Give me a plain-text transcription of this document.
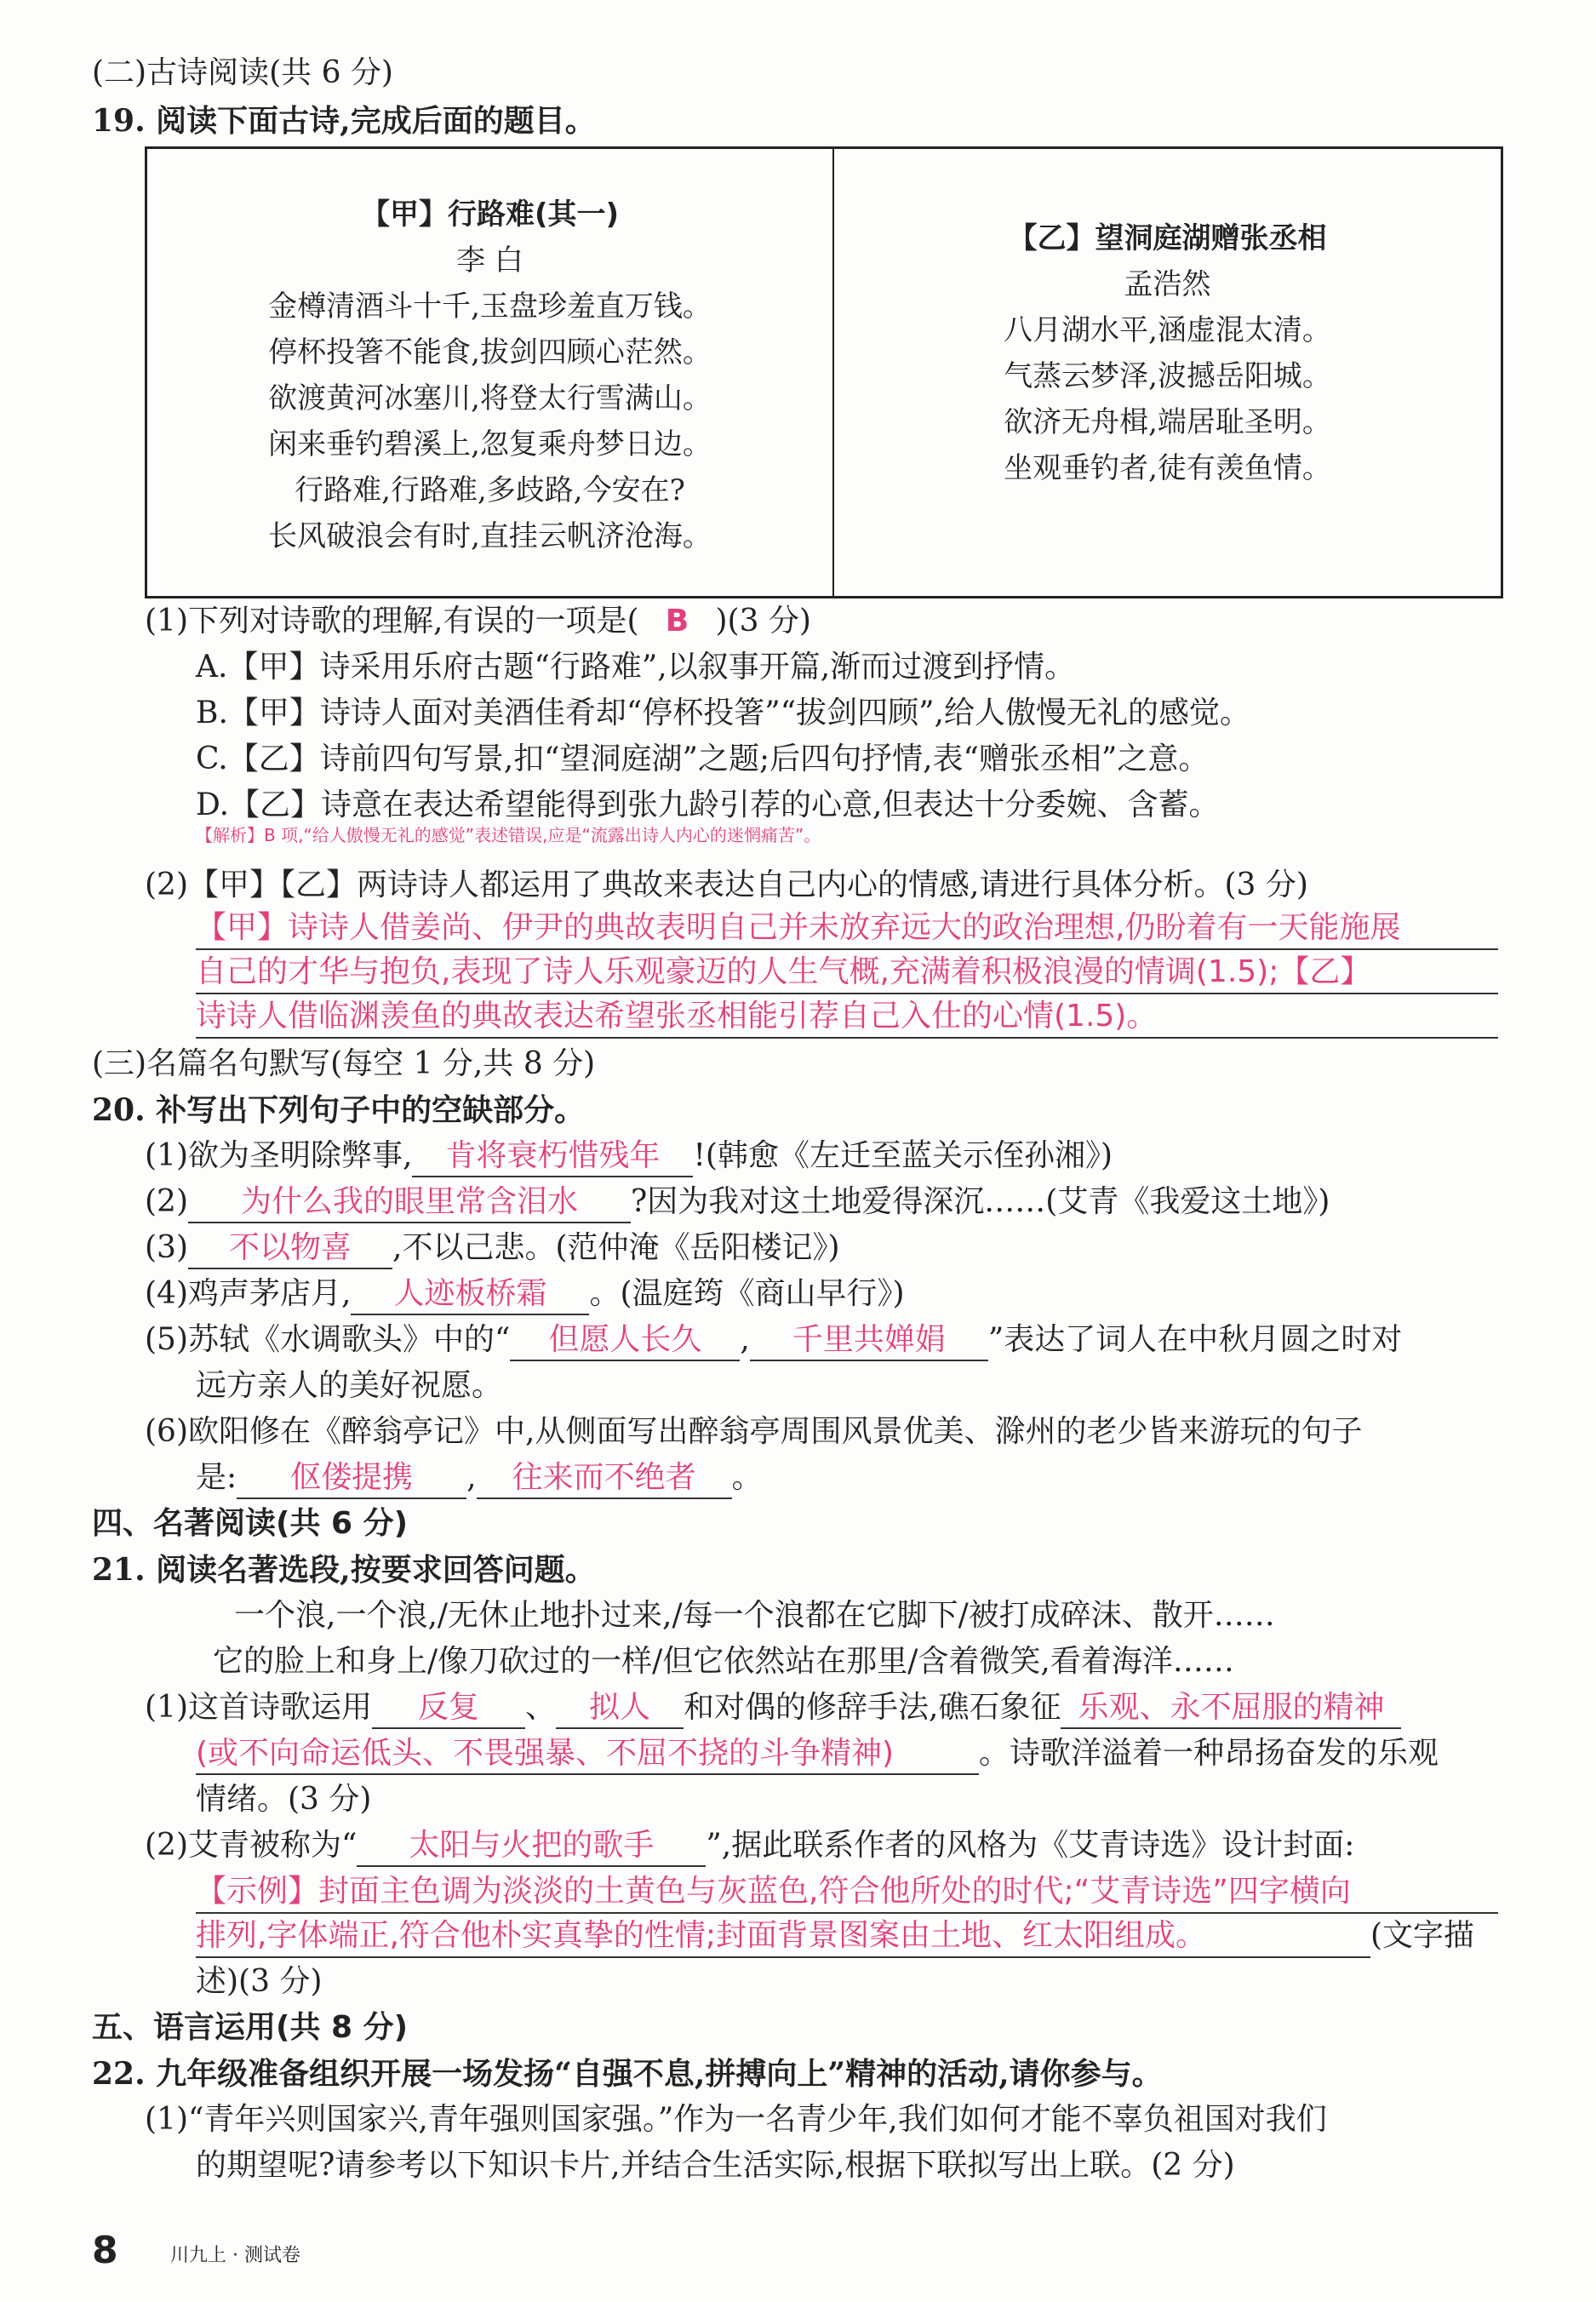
(二)古诗阅读(共 6 分)
19. 阅读下面古诗,完成后面的题目。
【甲】行路难(其一)
李 白
金樽清酒斗十千,玉盘珍羞直万钱。
停杯投箸不能食,拔剑四顾心茫然。
欲渡黄河冰塞川,将登太行雪满山。
闲来垂钓碧溪上,忽复乘舟梦日边。
行路难,行路难,多歧路,今安在?
长风破浪会有时,直挂云帆济沧海。
【乙】望洞庭湖赠张丞相
孟浩然
八月湖水平,涵虚混太清。
气蒸云梦泽,波撼岳阳城。
欲济无舟楫,端居耻圣明。
坐观垂钓者,徒有羡鱼情。
(1)下列对诗歌的理解,有误的一项是( B )(3 分)
A.【甲】诗采用乐府古题“行路难”,以叙事开篇,渐而过渡到抒情。
B.【甲】诗诗人面对美酒佳肴却“停杯投箸”“拔剑四顾”,给人傲慢无礼的感觉。
C.【乙】诗前四句写景,扣“望洞庭湖”之题;后四句抒情,表“赠张丞相”之意。
D.【乙】诗意在表达希望能得到张九龄引荐的心意,但表达十分委婉、含蓄。
【解析】B 项,“给人傲慢无礼的感觉”表述错误,应是“流露出诗人内心的迷惘痛苦”。
(2)【甲】【乙】两诗诗人都运用了典故来表达自己内心的情感,请进行具体分析。(3 分)
【甲】诗诗人借姜尚、伊尹的典故表明自己并未放弃远大的政治理想,仍盼着有一天能施展
自己的才华与抱负,表现了诗人乐观豪迈的人生气概,充满着积极浪漫的情调(1.5);【乙】
诗诗人借临渊羡鱼的典故表达希望张丞相能引荐自己入仕的心情(1.5)。
(三)名篇名句默写(每空 1 分,共 8 分)
20. 补写出下列句子中的空缺部分。
(1)欲为圣明除弊事, 肯将衰朽惜残年 !(韩愈《左迁至蓝关示侄孙湘》)
(2) 为什么我的眼里常含泪水 ?因为我对这土地爱得深沉……(艾青《我爱这土地》)
(3) 不以物喜 ,不以己悲。(范仲淹《岳阳楼记》)
(4)鸡声茅店月, 人迹板桥霜 。(温庭筠《商山早行》)
(5)苏轼《水调歌头》中的“ 但愿人长久 , 千里共婵娟 ”表达了词人在中秋月圆之时对
远方亲人的美好祝愿。
(6)欧阳修在《醉翁亭记》中,从侧面写出醉翁亭周围风景优美、滁州的老少皆来游玩的句子
是: 伛偻提携 , 往来而不绝者 。
四、名著阅读(共 6 分)
21. 阅读名著选段,按要求回答问题。
一个浪,一个浪,/无休止地扑过来,/每一个浪都在它脚下/被打成碎沫、散开……
它的脸上和身上/像刀砍过的一样/但它依然站在那里/含着微笑,看着海洋……
(1)这首诗歌运用 反复 、 拟人 和对偶的修辞手法,礁石象征 乐观、永不屈服的精神
(或不向命运低头、不畏强暴、不屈不挠的斗争精神)	。诗歌洋溢着一种昂扬奋发的乐观
情绪。(3 分)
(2)艾青被称为“ 太阳与火把的歌手 ”,据此联系作者的风格为《艾青诗选》设计封面:
【示例】封面主色调为淡淡的土黄色与灰蓝色,符合他所处的时代;“艾青诗选”四字横向
排列,字体端正,符合他朴实真挚的性情;封面背景图案由土地、红太阳组成。	(文字描
述)(3 分)
五、语言运用(共 8 分)
22. 九年级准备组织开展一场发扬“自强不息,拼搏向上”精神的活动,请你参与。
(1)“青年兴则国家兴,青年强则国家强。”作为一名青少年,我们如何才能不辜负祖国对我们
的期望呢?请参考以下知识卡片,并结合生活实际,根据下联拟写出上联。(2 分)
8	川九上 · 测试卷
